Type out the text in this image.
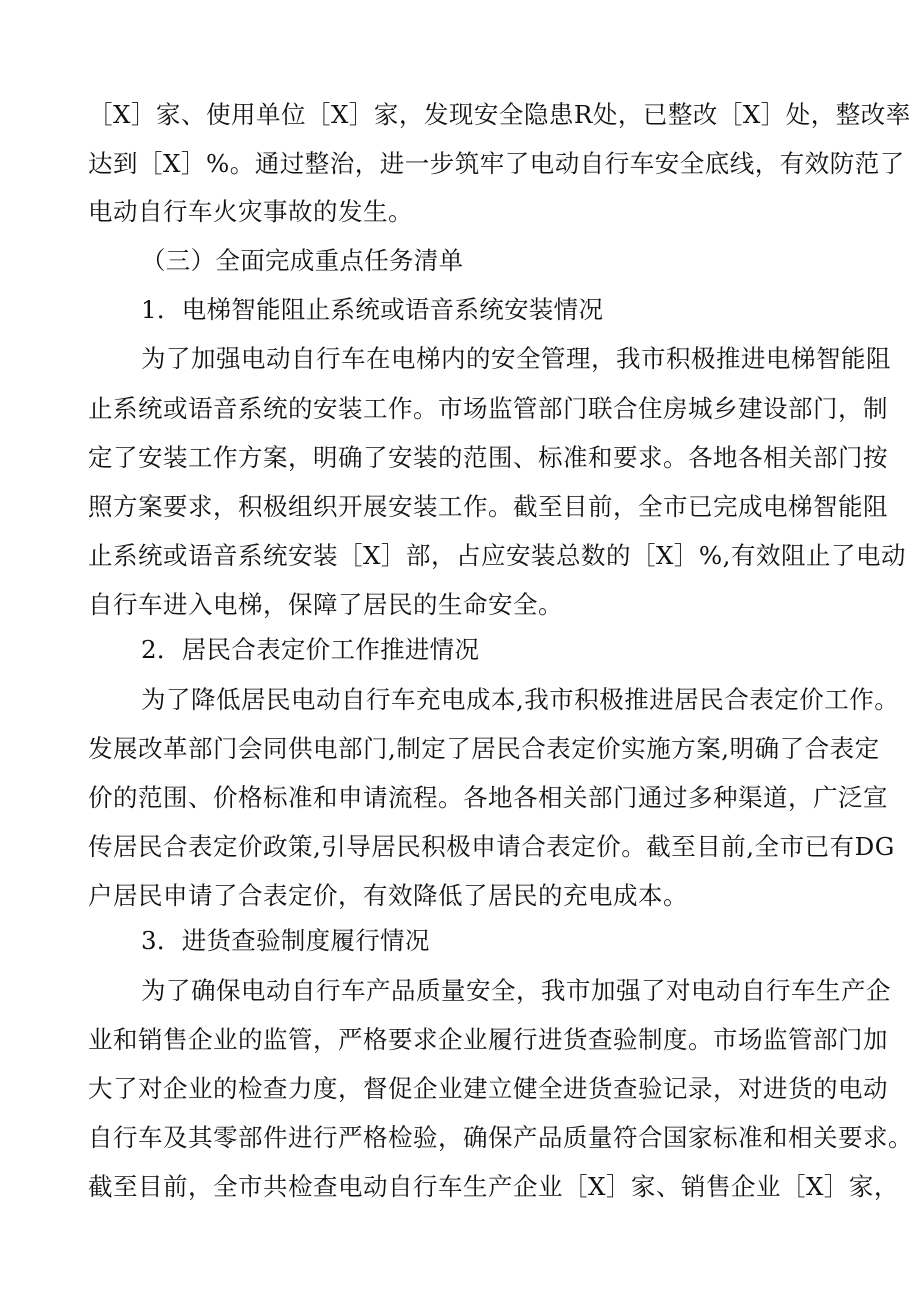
［X］家、使用单位［X］家，发现安全隐患R处，已整改［X］处，整改率
达到［X］%。通过整治，进一步筑牢了电动自行车安全底线，有效防范了
电动自行车火灾事故的发生。
（三）全面完成重点任务清单
1．电梯智能阻止系统或语音系统安装情况
为了加强电动自行车在电梯内的安全管理，我市积极推进电梯智能阻
止系统或语音系统的安装工作。市场监管部门联合住房城乡建设部门，制
定了安装工作方案，明确了安装的范围、标准和要求。各地各相关部门按
照方案要求，积极组织开展安装工作。截至目前，全市已完成电梯智能阻
止系统或语音系统安装［X］部，占应安装总数的［X］%,有效阻止了电动
自行车进入电梯，保障了居民的生命安全。
2．居民合表定价工作推进情况
为了降低居民电动自行车充电成本,我市积极推进居民合表定价工作。
发展改革部门会同供电部门,制定了居民合表定价实施方案,明确了合表定
价的范围、价格标准和申请流程。各地各相关部门通过多种渠道，广泛宣
传居民合表定价政策,引导居民积极申请合表定价。截至目前,全市已有DG
户居民申请了合表定价，有效降低了居民的充电成本。
3．进货查验制度履行情况
为了确保电动自行车产品质量安全，我市加强了对电动自行车生产企
业和销售企业的监管，严格要求企业履行进货查验制度。市场监管部门加
大了对企业的检查力度，督促企业建立健全进货查验记录，对进货的电动
自行车及其零部件进行严格检验，确保产品质量符合国家标准和相关要求。
截至目前，全市共检查电动自行车生产企业［X］家、销售企业［X］家，
